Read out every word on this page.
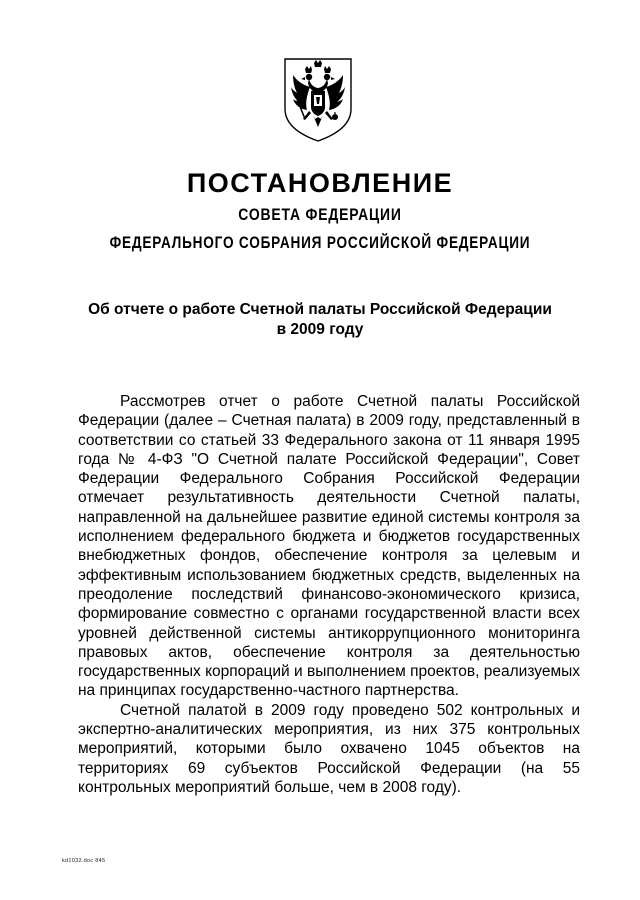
ПОСТАНОВЛЕНИЕ
СОВЕТА ФЕДЕРАЦИИ
ФЕДЕРАЛЬНОГО СОБРАНИЯ РОССИЙСКОЙ ФЕДЕРАЦИИ
Об отчете о работе Счетной палаты Российской Федерации
в 2009 году

Рассмотрев отчет о работе Счетной палаты Российской Федерации (далее – Счетная палата) в 2009 году, представленный в соответствии со статьей 33 Федерального закона от 11 января 1995 года № 4-ФЗ "О Счетной палате Российской Федерации", Совет Федерации Федерального Собрания Российской Федерации отмечает результативность деятельности Счетной палаты, направленной на дальнейшее развитие единой системы контроля за исполнением федерального бюджета и бюджетов государственных внебюджетных фондов, обеспечение контроля за целевым и эффективным использованием бюджетных средств, выделенных на преодоление последствий финансово-экономического кризиса, формирование совместно с органами государственной власти всех уровней действенной системы антикоррупционного мониторинга правовых актов, обеспечение контроля за деятельностью государственных корпораций и выполнением проектов, реализуемых на принципах государственно-частного партнерства.

Счетной палатой в 2009 году проведено 502 контрольных и экспертно-аналитических мероприятия, из них 375 контрольных мероприятий, которыми было охвачено 1045 объектов на территориях 69 субъектов Российской Федерации (на 55 контрольных мероприятий больше, чем в 2008 году).

kd1032.doc 845
